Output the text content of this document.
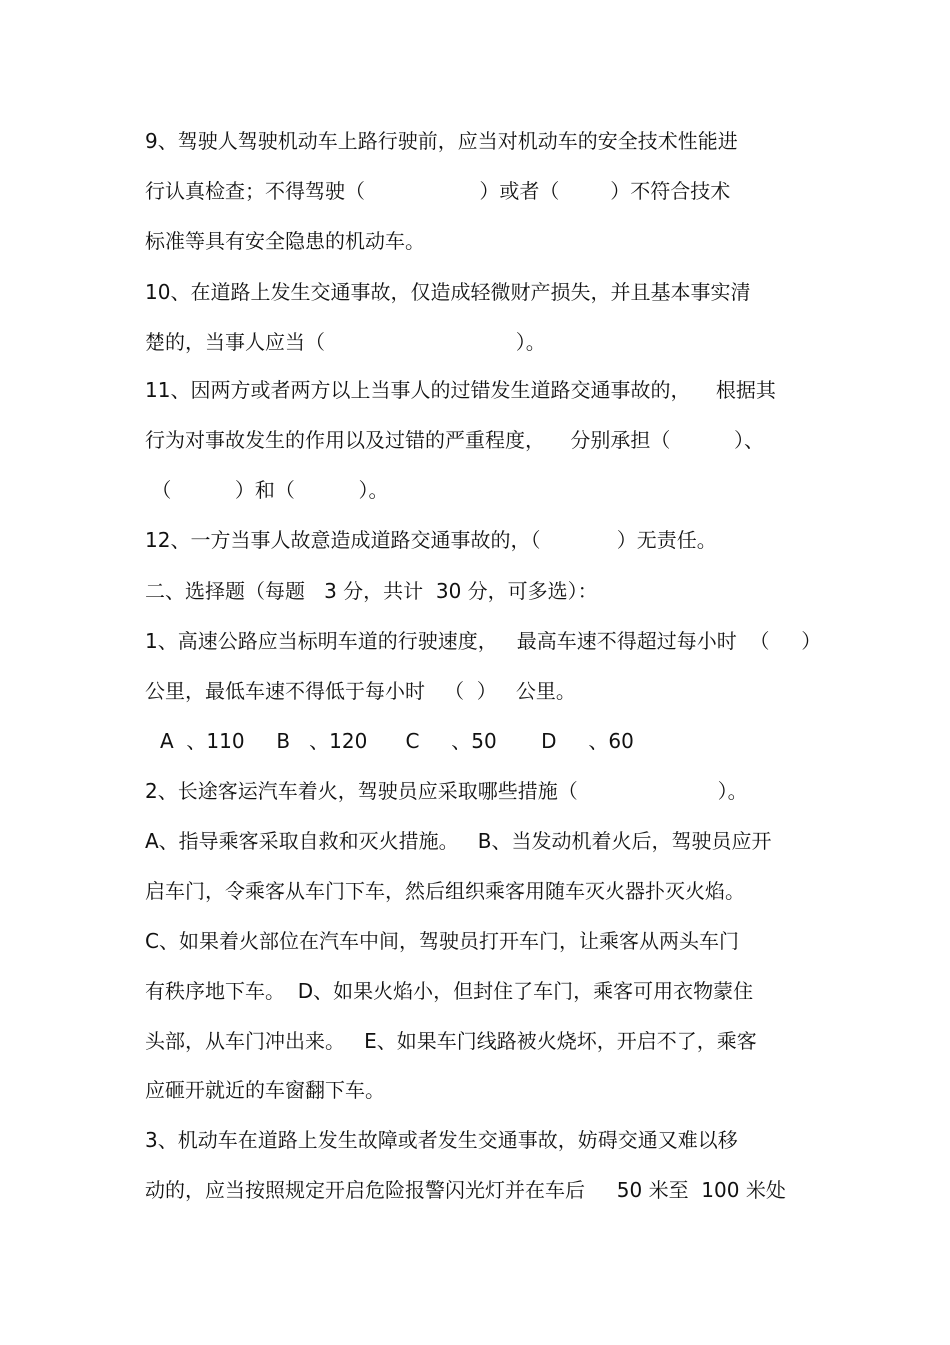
9、驾驶人驾驶机动车上路行驶前，应当对机动车的安全技术性能进
行认真检查；不得驾驶（                  ）或者（        ）不符合技术
标准等具有安全隐患的机动车。
10、在道路上发生交通事故，仅造成轻微财产损失，并且基本事实清
楚的，当事人应当（                              ）。
11、因两方或者两方以上当事人的过错发生道路交通事故的，    根据其
行为对事故发生的作用以及过错的严重程度，    分别承担（          ）、
（          ）和（          ）。
12、一方当事人故意造成道路交通事故的，（            ）无责任。
二、选择题（每题   3 分，共计  30 分，可多选）：
1、高速公路应当标明车道的行驶速度，   最高车速不得超过每小时  （     ）
公里，最低车速不得低于每小时   （  ）   公里。
A  、110     B   、120      C     、50       D     、60
2、长途客运汽车着火，驾驶员应采取哪些措施（                      ）。
A、指导乘客采取自救和灭火措施。   B、当发动机着火后，驾驶员应开
启车门，令乘客从车门下车，然后组织乘客用随车灭火器扑灭火焰。
C、如果着火部位在汽车中间，驾驶员打开车门，让乘客从两头车门
有秩序地下车。  D、如果火焰小，但封住了车门，乘客可用衣物蒙住
头部，从车门冲出来。   E、如果车门线路被火烧坏，开启不了，乘客
应砸开就近的车窗翻下车。
3、机动车在道路上发生故障或者发生交通事故，妨碍交通又难以移
动的，应当按照规定开启危险报警闪光灯并在车后     50 米至  100 米处
